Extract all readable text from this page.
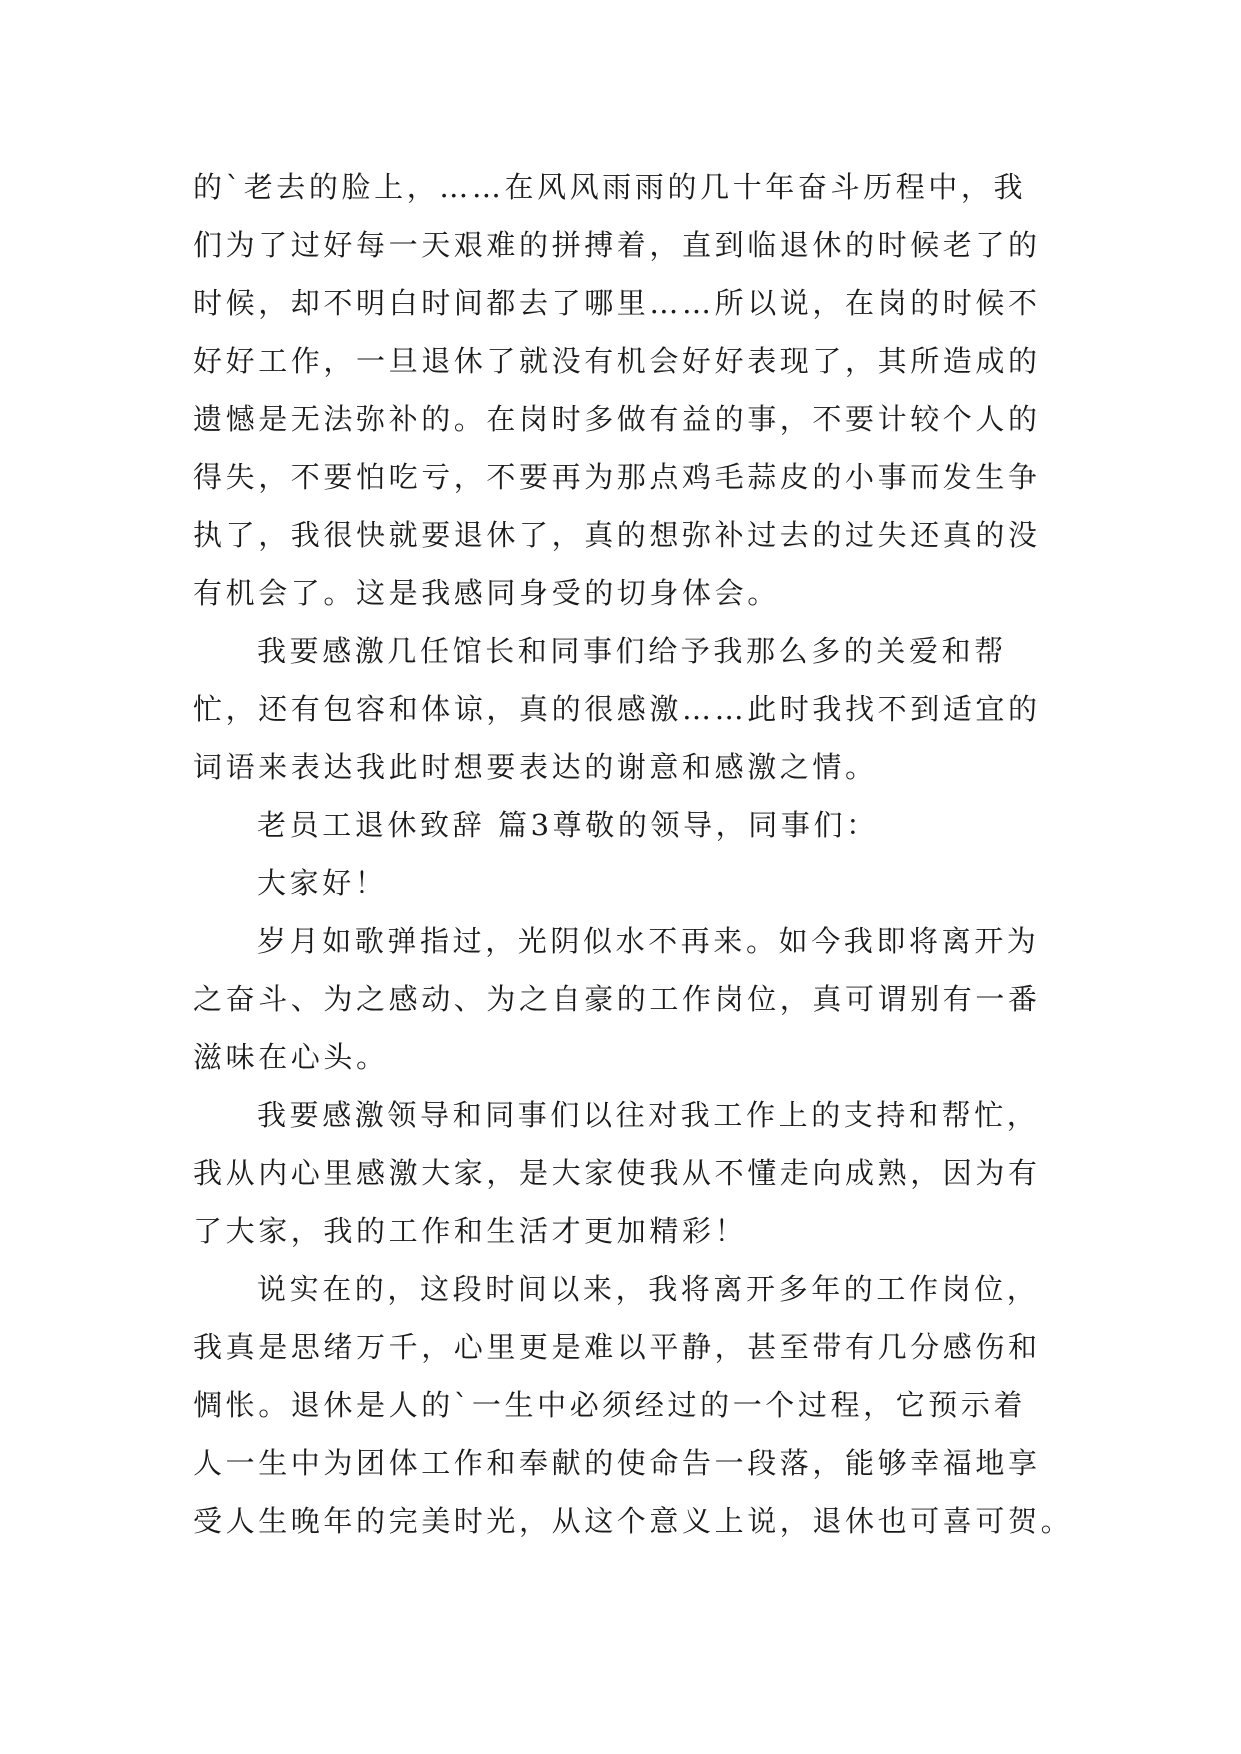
的`老去的脸上，……在风风雨雨的几十年奋斗历程中，我
们为了过好每一天艰难的拼搏着，直到临退休的时候老了的
时候，却不明白时间都去了哪里……所以说，在岗的时候不
好好工作，一旦退休了就没有机会好好表现了，其所造成的
遗憾是无法弥补的。在岗时多做有益的事，不要计较个人的
得失，不要怕吃亏，不要再为那点鸡毛蒜皮的小事而发生争
执了，我很快就要退休了，真的想弥补过去的过失还真的没
有机会了。这是我感同身受的切身体会。
我要感激几任馆长和同事们给予我那么多的关爱和帮
忙，还有包容和体谅，真的很感激……此时我找不到适宜的
词语来表达我此时想要表达的谢意和感激之情。
老员工退休致辞 篇3尊敬的领导，同事们：
大家好！
岁月如歌弹指过，光阴似水不再来。如今我即将离开为
之奋斗、为之感动、为之自豪的工作岗位，真可谓别有一番
滋味在心头。
我要感激领导和同事们以往对我工作上的支持和帮忙，
我从内心里感激大家，是大家使我从不懂走向成熟，因为有
了大家，我的工作和生活才更加精彩！
说实在的，这段时间以来，我将离开多年的工作岗位，
我真是思绪万千，心里更是难以平静，甚至带有几分感伤和
惆怅。退休是人的`一生中必须经过的一个过程，它预示着
人一生中为团体工作和奉献的使命告一段落，能够幸福地享
受人生晚年的完美时光，从这个意义上说，退休也可喜可贺。
